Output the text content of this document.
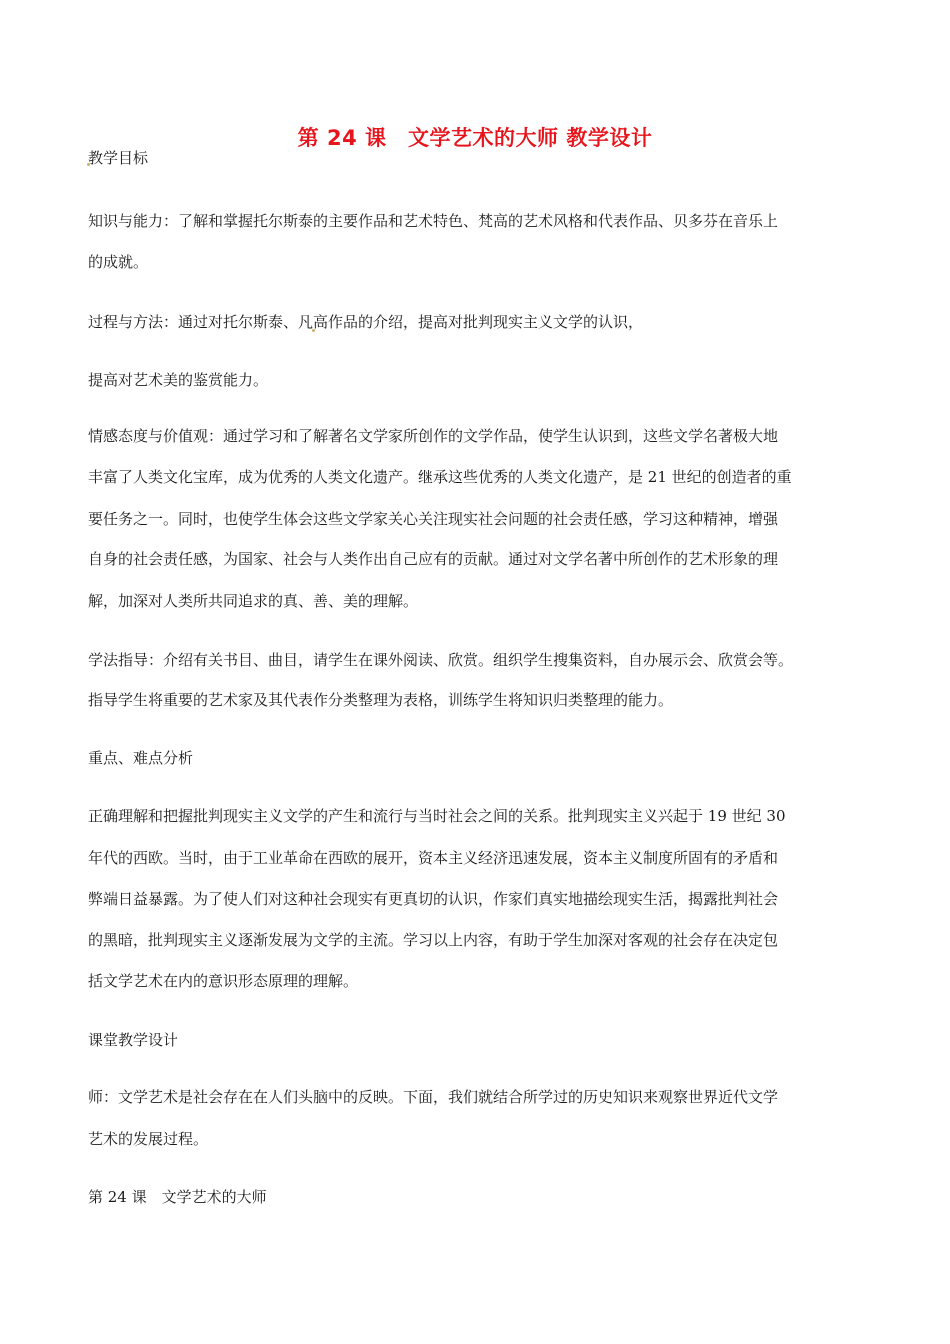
第 24 课　文学艺术的大师 教学设计
教学目标
知识与能力：了解和掌握托尔斯泰的主要作品和艺术特色、梵高的艺术风格和代表作品、贝多芬在音乐上
的成就。
过程与方法：通过对托尔斯泰、凡高作品的介绍，提高对批判现实主义文学的认识，
提高对艺术美的鉴赏能力。
情感态度与价值观：通过学习和了解著名文学家所创作的文学作品，使学生认识到，这些文学名著极大地
丰富了人类文化宝库，成为优秀的人类文化遗产。继承这些优秀的人类文化遗产，是 21 世纪的创造者的重
要任务之一。同时，也使学生体会这些文学家关心关注现实社会问题的社会责任感，学习这种精神，增强
自身的社会责任感，为国家、社会与人类作出自己应有的贡献。通过对文学名著中所创作的艺术形象的理
解，加深对人类所共同追求的真、善、美的理解。
学法指导：介绍有关书目、曲目，请学生在课外阅读、欣赏。组织学生搜集资料，自办展示会、欣赏会等。
指导学生将重要的艺术家及其代表作分类整理为表格，训练学生将知识归类整理的能力。
重点、难点分析
正确理解和把握批判现实主义文学的产生和流行与当时社会之间的关系。批判现实主义兴起于 19 世纪 30
年代的西欧。当时，由于工业革命在西欧的展开，资本主义经济迅速发展，资本主义制度所固有的矛盾和
弊端日益暴露。为了使人们对这种社会现实有更真切的认识，作家们真实地描绘现实生活，揭露批判社会
的黑暗，批判现实主义逐渐发展为文学的主流。学习以上内容，有助于学生加深对客观的社会存在决定包
括文学艺术在内的意识形态原理的理解。
课堂教学设计
师：文学艺术是社会存在在人们头脑中的反映。下面，我们就结合所学过的历史知识来观察世界近代文学
艺术的发展过程。
第 24 课　文学艺术的大师
